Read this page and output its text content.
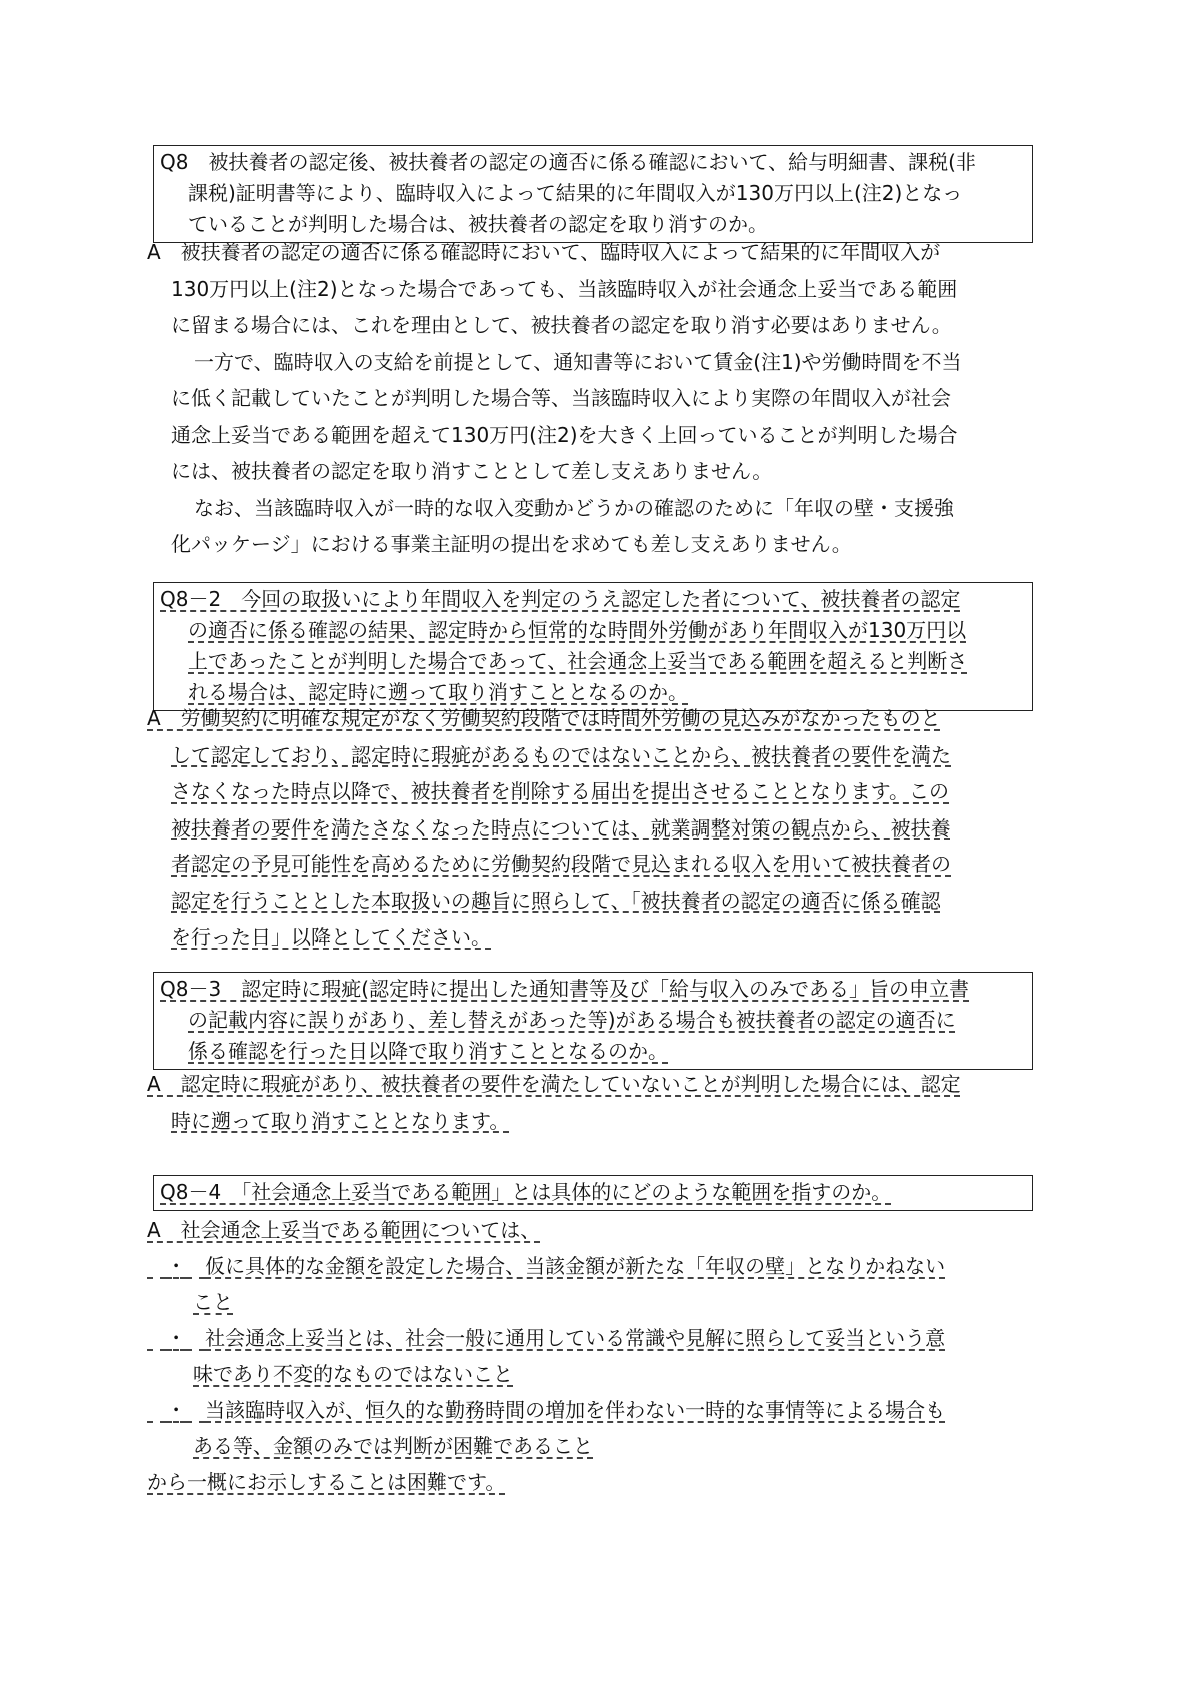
Q8　被扶養者の認定後、被扶養者の認定の適否に係る確認において、給与明細書、課税(非
課税)証明書等により、臨時収入によって結果的に年間収入が130万円以上(注2)となっ
ていることが判明した場合は、被扶養者の認定を取り消すのか。
A　被扶養者の認定の適否に係る確認時において、臨時収入によって結果的に年間収入が
130万円以上(注2)となった場合であっても、当該臨時収入が社会通念上妥当である範囲
に留まる場合には、これを理由として、被扶養者の認定を取り消す必要はありません。
一方で、臨時収入の支給を前提として、通知書等において賃金(注1)や労働時間を不当
に低く記載していたことが判明した場合等、当該臨時収入により実際の年間収入が社会
通念上妥当である範囲を超えて130万円(注2)を大きく上回っていることが判明した場合
には、被扶養者の認定を取り消すこととして差し支えありません。
なお、当該臨時収入が一時的な収入変動かどうかの確認のために「年収の壁・支援強
化パッケージ」における事業主証明の提出を求めても差し支えありません。
Q8－2　今回の取扱いにより年間収入を判定のうえ認定した者について、被扶養者の認定
の適否に係る確認の結果、認定時から恒常的な時間外労働があり年間収入が130万円以
上であったことが判明した場合であって、社会通念上妥当である範囲を超えると判断さ
れる場合は、認定時に遡って取り消すこととなるのか。
A　労働契約に明確な規定がなく労働契約段階では時間外労働の見込みがなかったものと
して認定しており、認定時に瑕疵があるものではないことから、被扶養者の要件を満た
さなくなった時点以降で、被扶養者を削除する届出を提出させることとなります。この
被扶養者の要件を満たさなくなった時点については、就業調整対策の観点から、被扶養
者認定の予見可能性を高めるために労働契約段階で見込まれる収入を用いて被扶養者の
認定を行うこととした本取扱いの趣旨に照らして、「被扶養者の認定の適否に係る確認
を行った日」以降としてください。
Q8－3　認定時に瑕疵(認定時に提出した通知書等及び「給与収入のみである」旨の申立書
の記載内容に誤りがあり、差し替えがあった等)がある場合も被扶養者の認定の適否に
係る確認を行った日以降で取り消すこととなるのか。
A　認定時に瑕疵があり、被扶養者の要件を満たしていないことが判明した場合には、認定
時に遡って取り消すこととなります。
Q8－4　「社会通念上妥当である範囲」とは具体的にどのような範囲を指すのか。
A　社会通念上妥当である範囲については、
・ 仮に具体的な金額を設定した場合、当該金額が新たな「年収の壁」となりかねない
こと
・ 社会通念上妥当とは、社会一般に通用している常識や見解に照らして妥当という意
味であり不変的なものではないこと
・ 当該臨時収入が、恒久的な勤務時間の増加を伴わない一時的な事情等による場合も
ある等、金額のみでは判断が困難であること
から一概にお示しすることは困難です。
